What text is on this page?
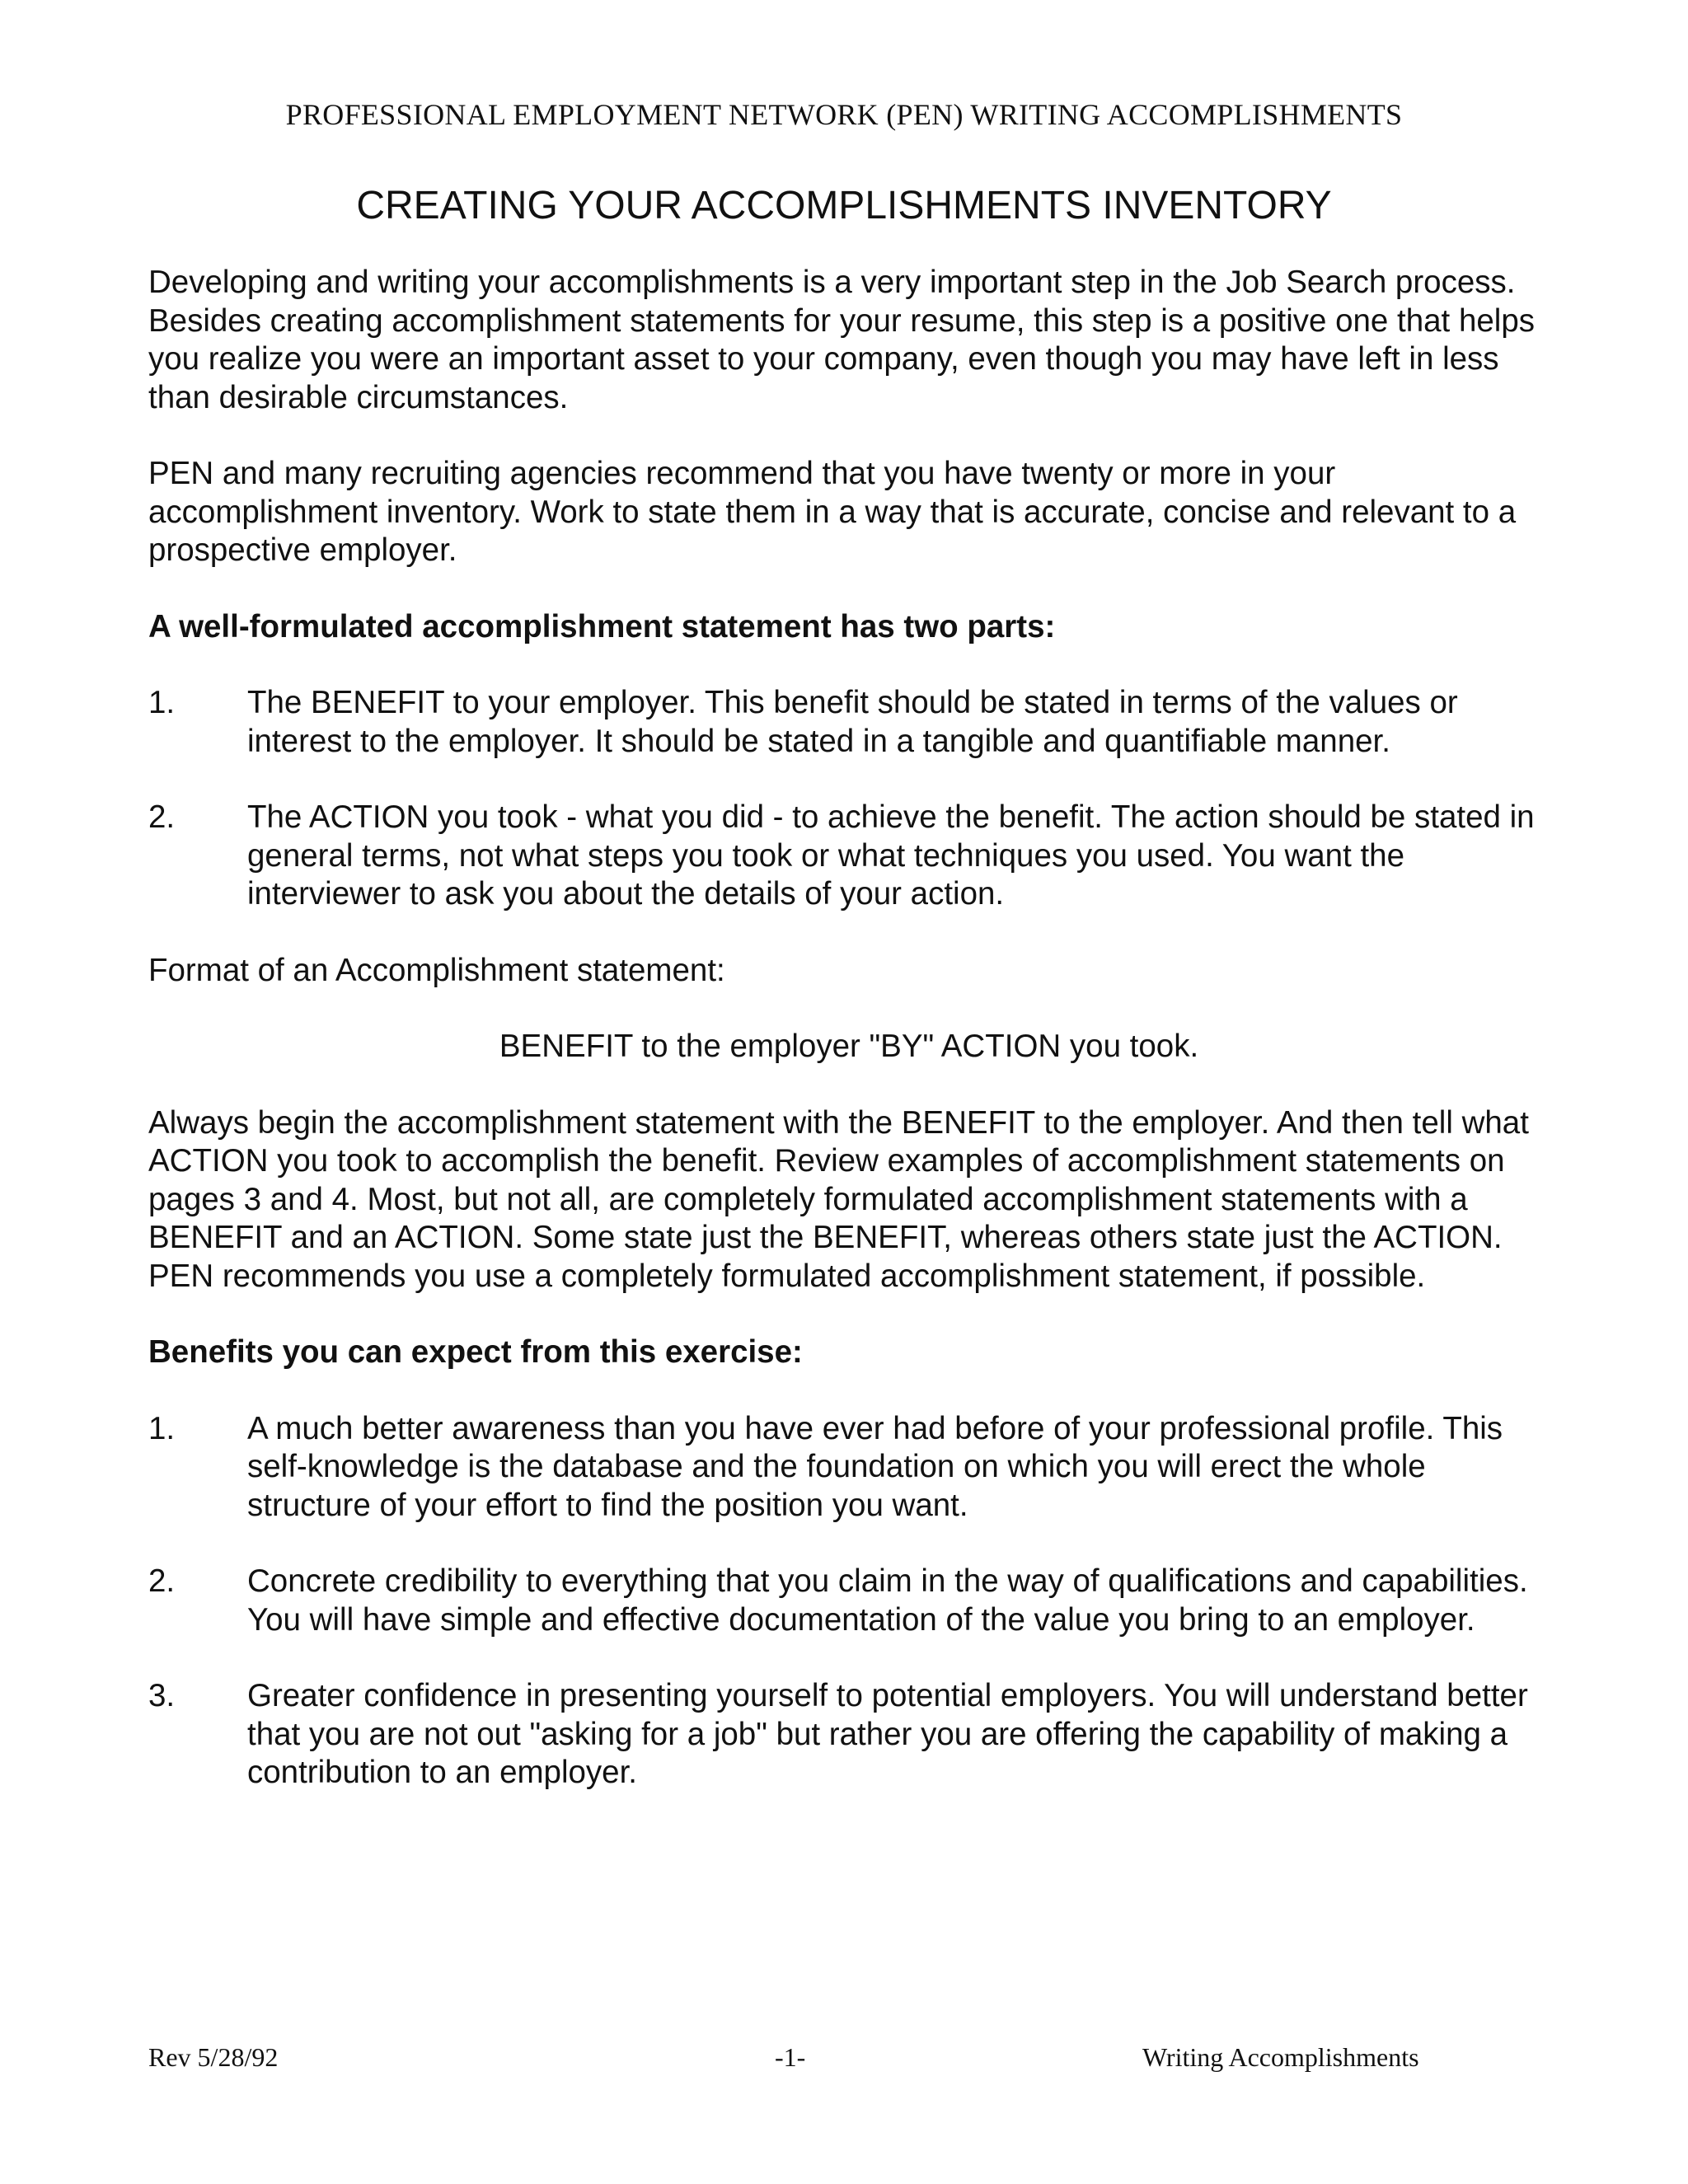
PROFESSIONAL EMPLOYMENT NETWORK (PEN) WRITING ACCOMPLISHMENTS
CREATING YOUR ACCOMPLISHMENTS INVENTORY

Developing and writing your accomplishments is a very important step in the Job Search process. Besides creating accomplishment statements for your resume, this step is a positive one that helps you realize you were an important asset to your company, even though you may have left in less than desirable circumstances.

PEN and many recruiting agencies recommend that you have twenty or more in your accomplishment inventory. Work to state them in a way that is accurate, concise and relevant to a prospective employer.

A well-formulated accomplishment statement has two parts:

1.	The BENEFIT to your employer. This benefit should be stated in terms of the values or interest to the employer. It should be stated in a tangible and quantifiable manner.
2.	The ACTION you took - what you did - to achieve the benefit. The action should be stated in general terms, not what steps you took or what techniques you used. You want the interviewer to ask you about the details of your action.

Format of an Accomplishment statement:

BENEFIT to the employer "BY" ACTION you took.

Always begin the accomplishment statement with the BENEFIT to the employer. And then tell what ACTION you took to accomplish the benefit. Review examples of accomplishment statements on pages 3 and 4. Most, but not all, are completely formulated accomplishment statements with a BENEFIT and an ACTION. Some state just the BENEFIT, whereas others state just the ACTION. PEN recommends you use a completely formulated accomplishment statement, if possible.

Benefits you can expect from this exercise:

1.	A much better awareness than you have ever had before of your professional profile. This self-knowledge is the database and the foundation on which you will erect the whole structure of your effort to find the position you want.
2.	Concrete credibility to everything that you claim in the way of qualifications and capabilities. You will have simple and effective documentation of the value you bring to an employer.
3.	Greater confidence in presenting yourself to potential employers. You will understand better that you are not out "asking for a job" but rather you are offering the capability of making a contribution to an employer.
Rev 5/28/92	-1-	Writing Accomplishments
